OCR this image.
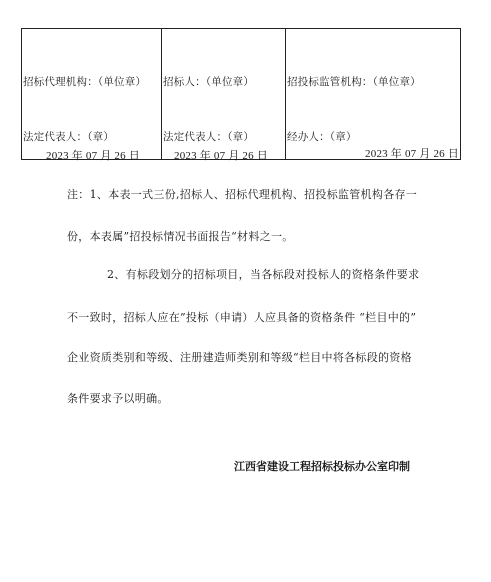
招标代理机构：（单位章）
法定代表人：（章）
2023 年 07 月 26 日
招标人：（单位章）
法定代表人：（章）
2023 年 07 月 26 日
招投标监管机构：（单位章）
经办人：（章）
2023 年 07 月 26 日
注：1、本表一式三份,招标人、招标代理机构、招投标监管机构各存一
份，本表属”招投标情况书面报告“材料之一。
2、有标段划分的招标项目，当各标段对投标人的资格条件要求
不一致时，招标人应在”投标（申请）人应具备的资格条件 “栏目中的”
企业资质类别和等级、注册建造师类别和等级“栏目中将各标段的资格
条件要求予以明确。
江西省建设工程招标投标办公室印制
